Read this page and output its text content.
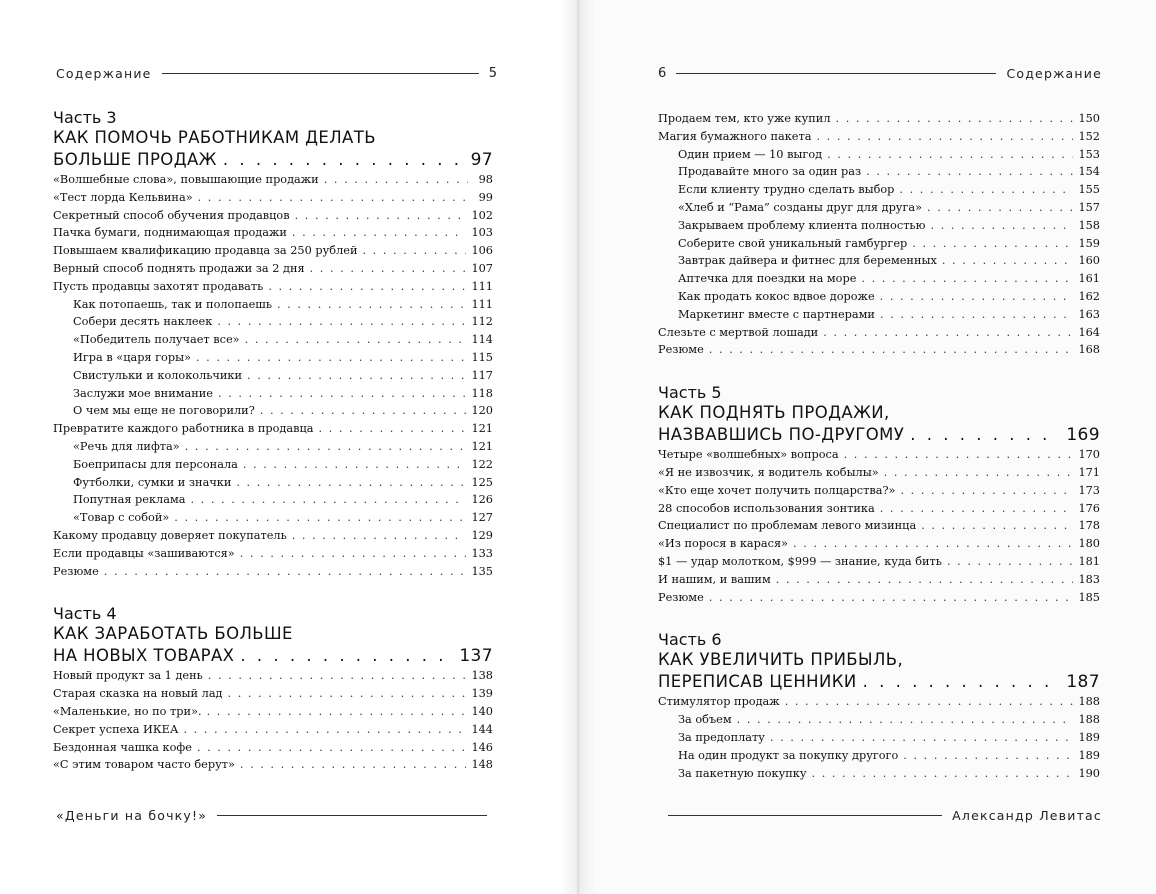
Содержание	5
Часть 3
КАК ПОМОЧЬ РАБОТНИКАМ ДЕЛАТЬ
БОЛЬШЕ ПРОДАЖ . . .	97
«Волшебные слова», повышающие продажи . . .	98
«Тест лорда Кельвина» . . .	99
Секретный способ обучения продавцов . . .	102
Пачка бумаги, поднимающая продажи . . .	103
Повышаем квалификацию продавца за 250 рублей . . .	106
Верный способ поднять продажи за 2 дня . . .	107
Пусть продавцы захотят продавать . . .	111
Как потопаешь, так и полопаешь . . .	111
Собери десять наклеек . . .	112
«Победитель получает все» . . .	114
Игра в «царя горы» . . .	115
Свистульки и колокольчики . . .	117
Заслужи мое внимание . . .	118
О чем мы еще не поговорили? . . .	120
Превратите каждого работника в продавца . . .	121
«Речь для лифта» . . .	121
Боеприпасы для персонала . . .	122
Футболки, сумки и значки . . .	125
Попутная реклама . . .	126
«Товар с собой» . . .	127
Какому продавцу доверяет покупатель . . .	129
Если продавцы «зашиваются» . . .	133
Резюме . . .	135
Часть 4
КАК ЗАРАБОТАТЬ БОЛЬШЕ
НА НОВЫХ ТОВАРАХ . . .	137
Новый продукт за 1 день . . .	138
Старая сказка на новый лад . . .	139
«Маленькие, но по три». . . .	140
Секрет успеха ИКЕА . . .	144
Бездонная чашка кофе . . .	146
«С этим товаром часто берут» . . .	148
«Деньги на бочку!»
6	Содержание
Продаем тем, кто уже купил . . .	150
Магия бумажного пакета . . .	152
Один прием — 10 выгод . . .	153
Продавайте много за один раз . . .	154
Если клиенту трудно сделать выбор . . .	155
«Хлеб и “Рама” созданы друг для друга» . . .	157
Закрываем проблему клиента полностью . . .	158
Соберите свой уникальный гамбургер . . .	159
Завтрак дайвера и фитнес для беременных . . .	160
Аптечка для поездки на море . . .	161
Как продать кокос вдвое дороже . . .	162
Маркетинг вместе с партнерами . . .	163
Слезьте с мертвой лошади . . .	164
Резюме . . .	168
Часть 5
КАК ПОДНЯТЬ ПРОДАЖИ,
НАЗВАВШИСЬ ПО-ДРУГОМУ . . .	169
Четыре «волшебных» вопроса . . .	170
«Я не извозчик, я водитель кобылы» . . .	171
«Кто еще хочет получить полцарства?» . . .	173
28 способов использования зонтика . . .	176
Специалист по проблемам левого мизинца . . .	178
«Из порося в карася» . . .	180
$1 — удар молотком, $999 — знание, куда бить . . .	181
И нашим, и вашим . . .	183
Резюме . . .	185
Часть 6
КАК УВЕЛИЧИТЬ ПРИБЫЛЬ,
ПЕРЕПИСАВ ЦЕННИКИ . . .	187
Стимулятор продаж . . .	188
За объем . . .	188
За предоплату . . .	189
На один продукт за покупку другого . . .	189
За пакетную покупку . . .	190
Александр Левитас
